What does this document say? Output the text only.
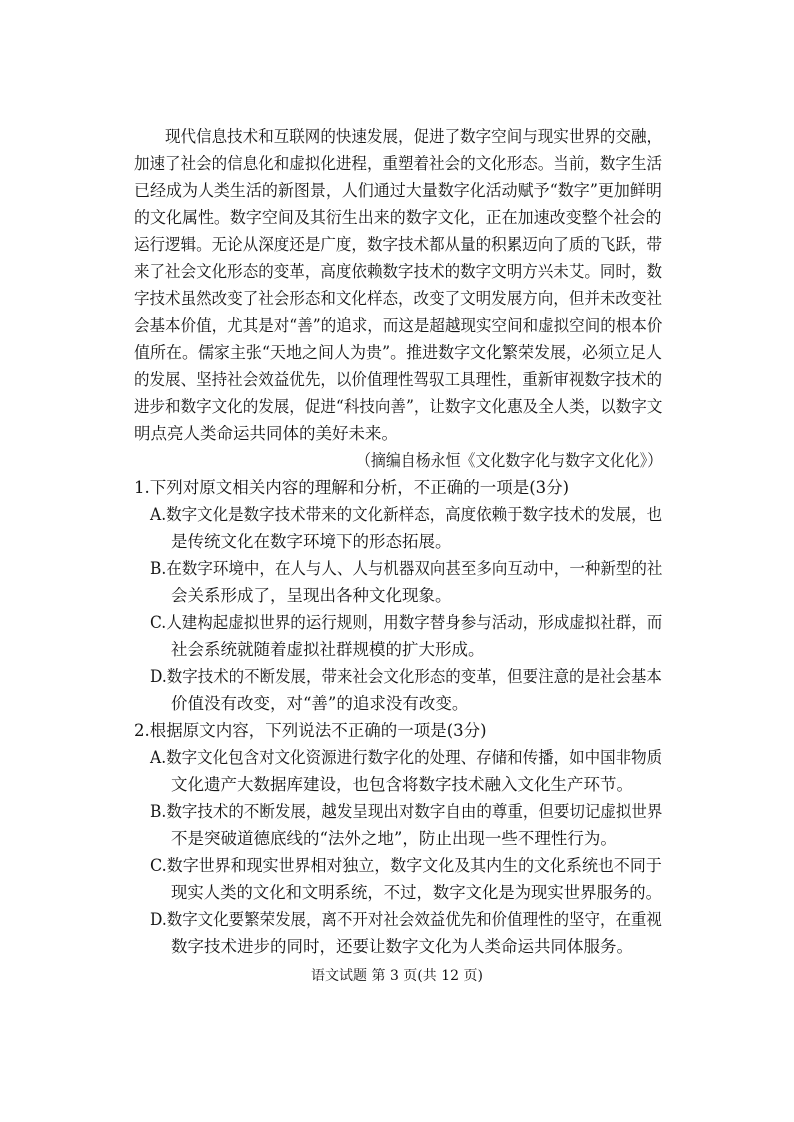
现代信息技术和互联网的快速发展，促进了数字空间与现实世界的交融，
加速了社会的信息化和虚拟化进程，重塑着社会的文化形态。当前，数字生活
已经成为人类生活的新图景，人们通过大量数字化活动赋予“数字”更加鲜明
的文化属性。数字空间及其衍生出来的数字文化，正在加速改变整个社会的
运行逻辑。无论从深度还是广度，数字技术都从量的积累迈向了质的飞跃，带
来了社会文化形态的变革，高度依赖数字技术的数字文明方兴未艾。同时，数
字技术虽然改变了社会形态和文化样态，改变了文明发展方向，但并未改变社
会基本价值，尤其是对“善”的追求，而这是超越现实空间和虚拟空间的根本价
值所在。儒家主张“天地之间人为贵”。推进数字文化繁荣发展，必须立足人
的发展、坚持社会效益优先，以价值理性驾驭工具理性，重新审视数字技术的
进步和数字文化的发展，促进“科技向善”，让数字文化惠及全人类，以数字文
明点亮人类命运共同体的美好未来。
（摘编自杨永恒《文化数字化与数字文化化》）
1.下列对原文相关内容的理解和分析，不正确的一项是(3分)
A.数字文化是数字技术带来的文化新样态，高度依赖于数字技术的发展，也
是传统文化在数字环境下的形态拓展。
B.在数字环境中，在人与人、人与机器双向甚至多向互动中，一种新型的社
会关系形成了，呈现出各种文化现象。
C.人建构起虚拟世界的运行规则，用数字替身参与活动，形成虚拟社群，而
社会系统就随着虚拟社群规模的扩大形成。
D.数字技术的不断发展，带来社会文化形态的变革，但要注意的是社会基本
价值没有改变，对“善”的追求没有改变。
2.根据原文内容，下列说法不正确的一项是(3分)
A.数字文化包含对文化资源进行数字化的处理、存储和传播，如中国非物质
文化遗产大数据库建设，也包含将数字技术融入文化生产环节。
B.数字技术的不断发展，越发呈现出对数字自由的尊重，但要切记虚拟世界
不是突破道德底线的“法外之地”，防止出现一些不理性行为。
C.数字世界和现实世界相对独立，数字文化及其内生的文化系统也不同于
现实人类的文化和文明系统，不过，数字文化是为现实世界服务的。
D.数字文化要繁荣发展，离不开对社会效益优先和价值理性的坚守，在重视
数字技术进步的同时，还要让数字文化为人类命运共同体服务。
语文试题 第 3 页(共 12 页)
